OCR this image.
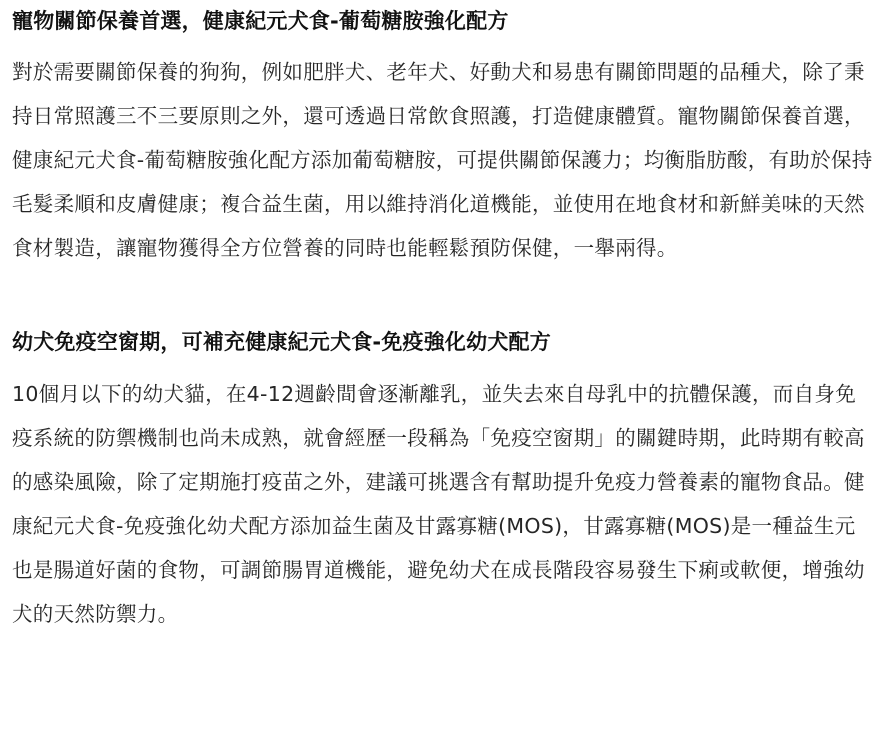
寵物關節保養首選，健康紀元犬食-葡萄糖胺強化配方

對於需要關節保養的狗狗，例如肥胖犬、老年犬、好動犬和易患有關節問題的品種犬，除了秉持日常照護三不三要原則之外，還可透過日常飲食照護，打造健康體質。寵物關節保養首選，健康紀元犬食-葡萄糖胺強化配方添加葡萄糖胺，可提供關節保護力；均衡脂肪酸，有助於保持毛髮柔順和皮膚健康；複合益生菌，用以維持消化道機能，並使用在地食材和新鮮美味的天然食材製造，讓寵物獲得全方位營養的同時也能輕鬆預防保健，一舉兩得。

幼犬免疫空窗期，可補充健康紀元犬食-免疫強化幼犬配方

10個月以下的幼犬貓，在4-12週齡間會逐漸離乳，並失去來自母乳中的抗體保護，而自身免疫系統的防禦機制也尚未成熟，就會經歷一段稱為「免疫空窗期」的關鍵時期，此時期有較高的感染風險，除了定期施打疫苗之外，建議可挑選含有幫助提升免疫力營養素的寵物食品。健康紀元犬食-免疫強化幼犬配方添加益生菌及甘露寡糖(MOS)，甘露寡糖(MOS)是一種益生元也是腸道好菌的食物，可調節腸胃道機能，避免幼犬在成長階段容易發生下痢或軟便，增強幼犬的天然防禦力。
